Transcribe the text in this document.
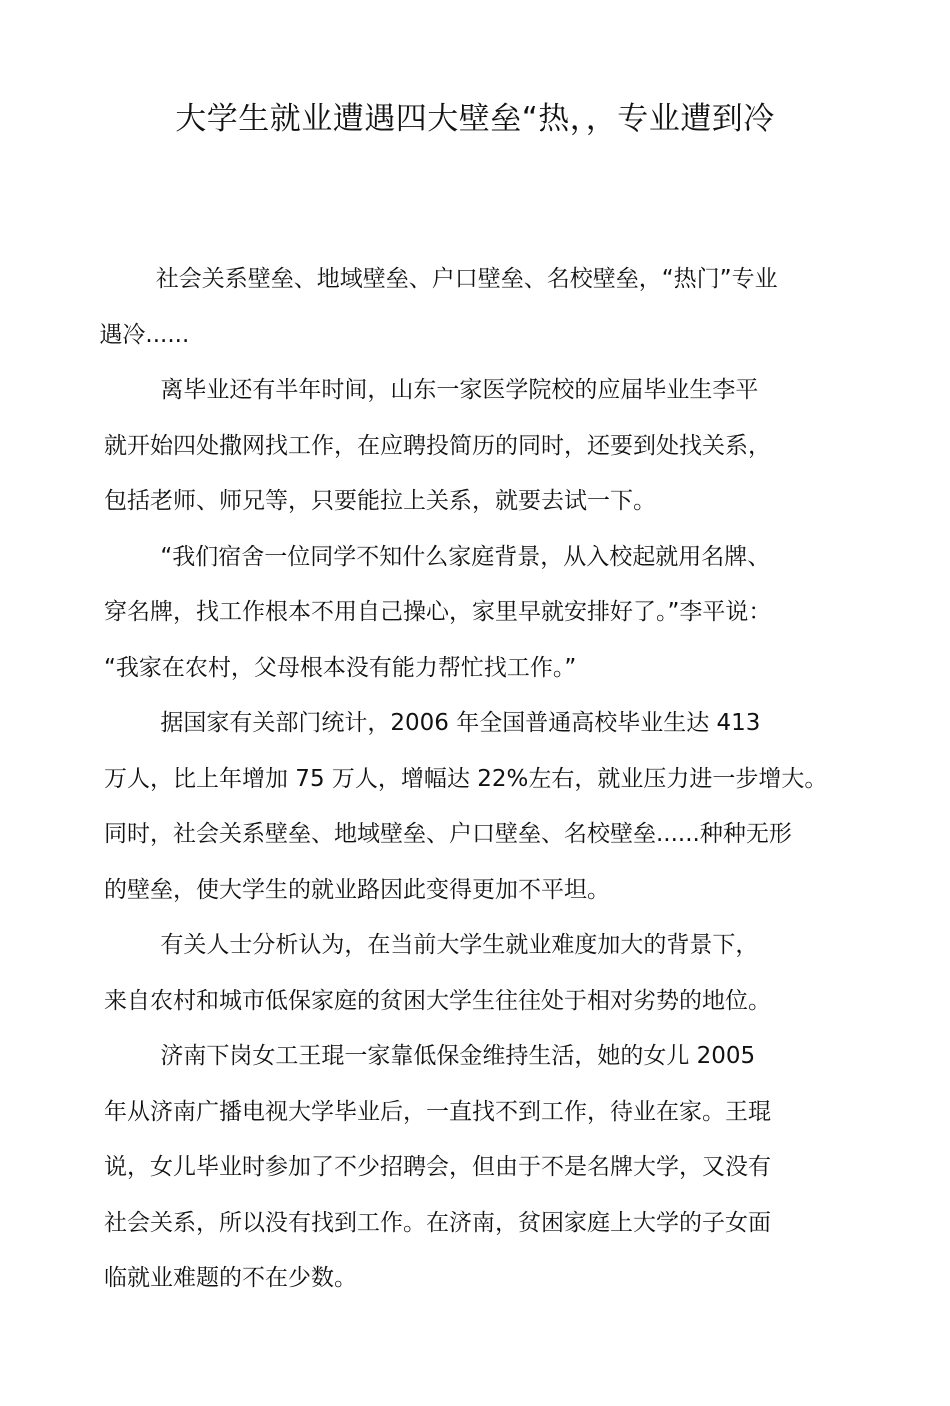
大学生就业遭遇四大壁垒“热，，专业遭到冷

社会关系壁垒、地域壁垒、户口壁垒、名校壁垒，“热门”专业
遇冷......

离毕业还有半年时间，山东一家医学院校的应届毕业生李平
就开始四处撒网找工作，在应聘投简历的同时，还要到处找关系，
包括老师、师兄等，只要能拉上关系，就要去试一下。

“我们宿舍一位同学不知什么家庭背景，从入校起就用名牌、
穿名牌，找工作根本不用自己操心，家里早就安排好了。”李平说：
“我家在农村，父母根本没有能力帮忙找工作。”

据国家有关部门统计，2006 年全国普通高校毕业生达 413
万人，比上年增加 75 万人，增幅达 22%左右，就业压力进一步增大。
同时，社会关系壁垒、地域壁垒、户口壁垒、名校壁垒......种种无形
的壁垒，使大学生的就业路因此变得更加不平坦。

有关人士分析认为，在当前大学生就业难度加大的背景下，
来自农村和城市低保家庭的贫困大学生往往处于相对劣势的地位。

济南下岗女工王琨一家靠低保金维持生活，她的女儿 2005
年从济南广播电视大学毕业后，一直找不到工作，待业在家。王琨
说，女儿毕业时参加了不少招聘会，但由于不是名牌大学，又没有
社会关系，所以没有找到工作。在济南，贫困家庭上大学的子女面
临就业难题的不在少数。
